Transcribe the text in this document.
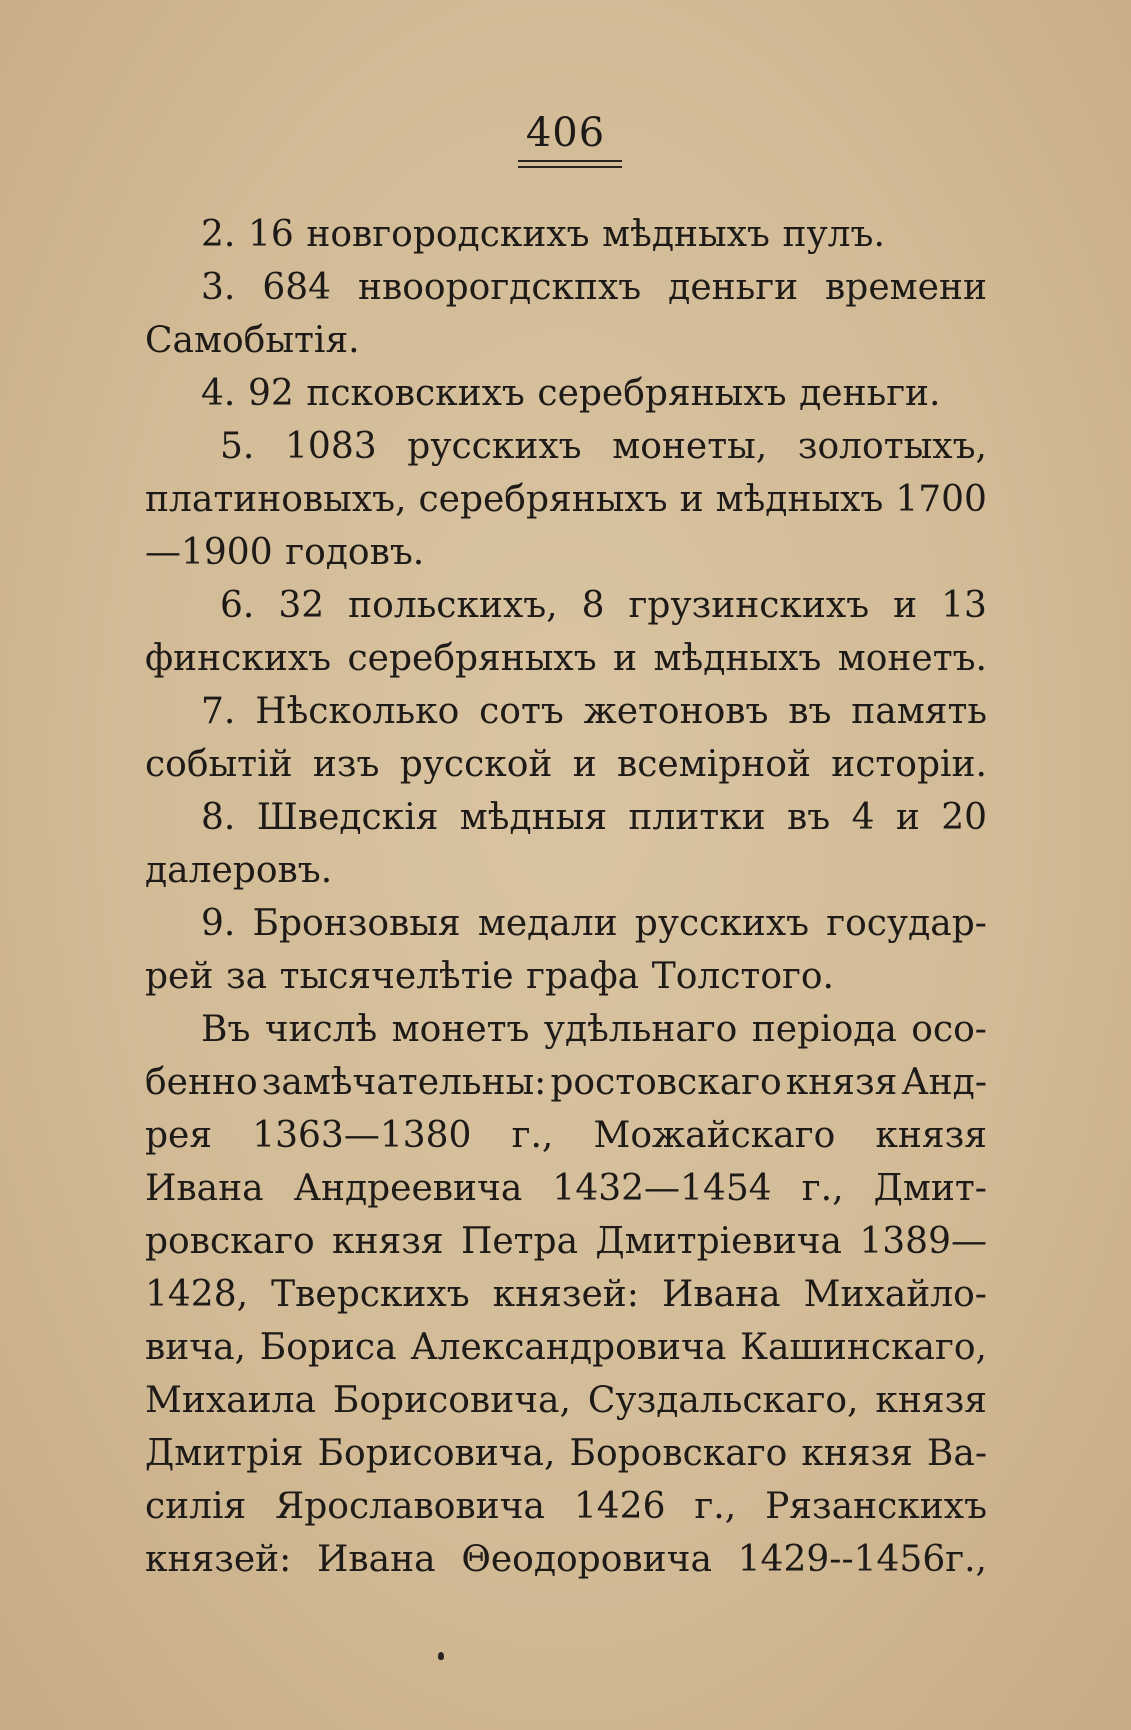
406
2. 16 новгородскихъ мѣдныхъ пулъ.
3. 684 нвоорогдскпхъ деньги времени
Самобытія.
4. 92 псковскихъ серебряныхъ деньги.
5. 1083 русскихъ монеты, золотыхъ,
платиновыхъ, серебряныхъ и мѣдныхъ 1700
—1900 годовъ.
6. 32 польскихъ, 8 грузинскихъ и 13
финскихъ серебряныхъ и мѣдныхъ монетъ.
7. Нѣсколько сотъ жетоновъ въ память
событій изъ русской и всемірной исторіи.
8. Шведскія мѣдныя плитки въ 4 и 20
далеровъ.
9. Бронзовыя медали русскихъ государ-
рей за тысячелѣтіе графа Толстого.
Въ числѣ монетъ удѣльнаго періода осо-
бенно замѣчательны: ростовскаго князя Анд-
рея 1363—1380 г., Можайскаго князя
Ивана Андреевича 1432—1454 г., Дмит-
ровскаго князя Петра Дмитріевича 1389—
1428, Тверскихъ князей: Ивана Михайло-
вича, Бориса Александровича Кашинскаго,
Михаила Борисовича, Суздальскаго, князя
Дмитрія Борисовича, Боровскаго князя Ва-
силія Ярославовича 1426 г., Рязанскихъ
князей: Ивана Θеодоровича 1429--1456г.,
